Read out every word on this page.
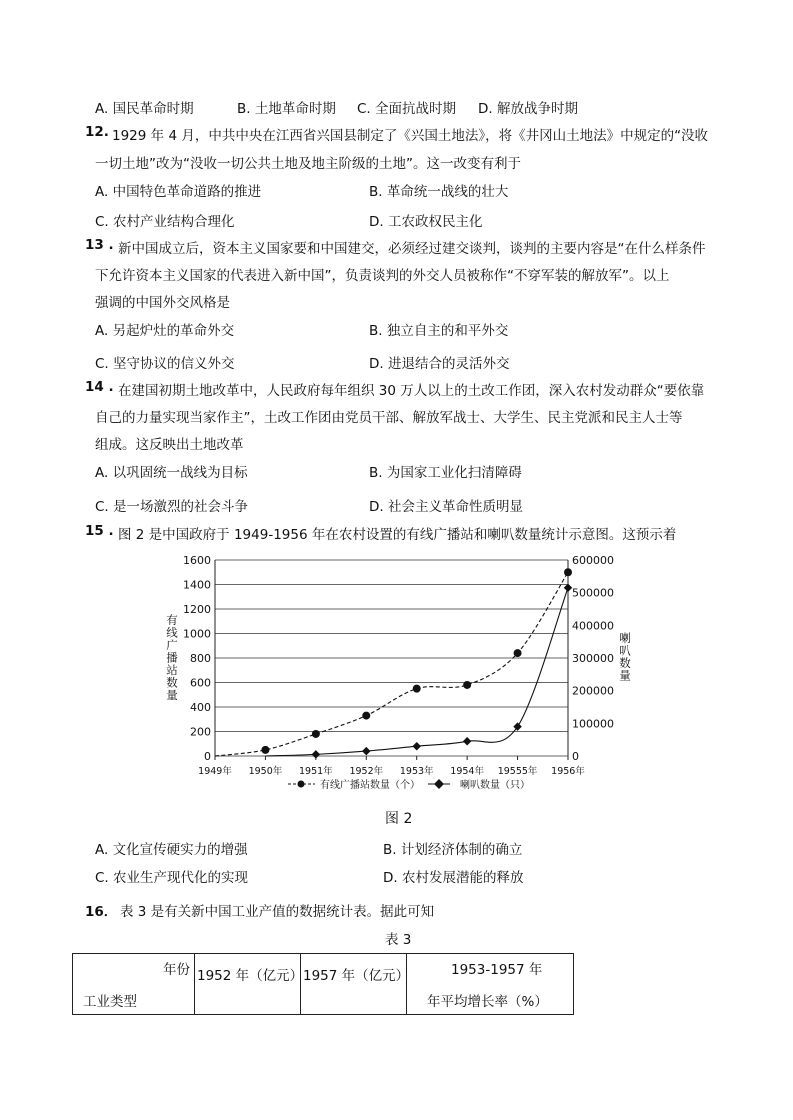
A. 国民革命时期	B. 土地革命时期 C. 全面抗战时期 D. 解放战争时期
12. 1929 年 4 月，中共中央在江西省兴国县制定了《兴国土地法》，将《井冈山土地法》中规定的“没收
一切土地”改为“没收一切公共土地及地主阶级的土地”。这一改变有利于
A. 中国特色革命道路的推进	B. 革命统一战线的壮大
C. 农村产业结构合理化	D. 工农政权民主化
13 . 新中国成立后，资本主义国家要和中国建交，必须经过建交谈判，谈判的主要内容是“在什么样条件
下允许资本主义国家的代表进入新中国”，负责谈判的外交人员被称作“不穿军装的解放军”。以上
强调的中国外交风格是
A. 另起炉灶的革命外交	B. 独立自主的和平外交
C. 坚守协议的信义外交	D. 进退结合的灵活外交
14 . 在建国初期土地改革中，人民政府每年组织 30 万人以上的土改工作团，深入农村发动群众“要依靠
自己的力量实现当家作主”，土改工作团由党员干部、解放军战士、大学生、民主党派和民主人士等
组成。这反映出土地改革
A. 以巩固统一战线为目标	B. 为国家工业化扫清障碍
C. 是一场激烈的社会斗争	D. 社会主义革命性质明显
15 . 图 2 是中国政府于 1949-1956 年在农村设置的有线广播站和喇叭数量统计示意图。这预示着
0
200
400
600
800
1000
1200
1400
1600
0
100000
200000
300000
400000
500000
600000
1949年 1950年 1951年 1952年 1953年 1954年 19555年 1956年
有线广播站数量
喇叭数量
有线广播站数量（个）	喇叭数量（只）
图 2
A. 文化宣传硬实力的增强	B. 计划经济体制的确立
C. 农业生产现代化的实现	D. 农村发展潜能的释放
16． 表 3 是有关新中国工业产值的数据统计表。据此可知
表 3
年份
工业类型
	1952 年（亿元）	1957 年（亿元）	1953-1957 年
年平均增长率（%）
